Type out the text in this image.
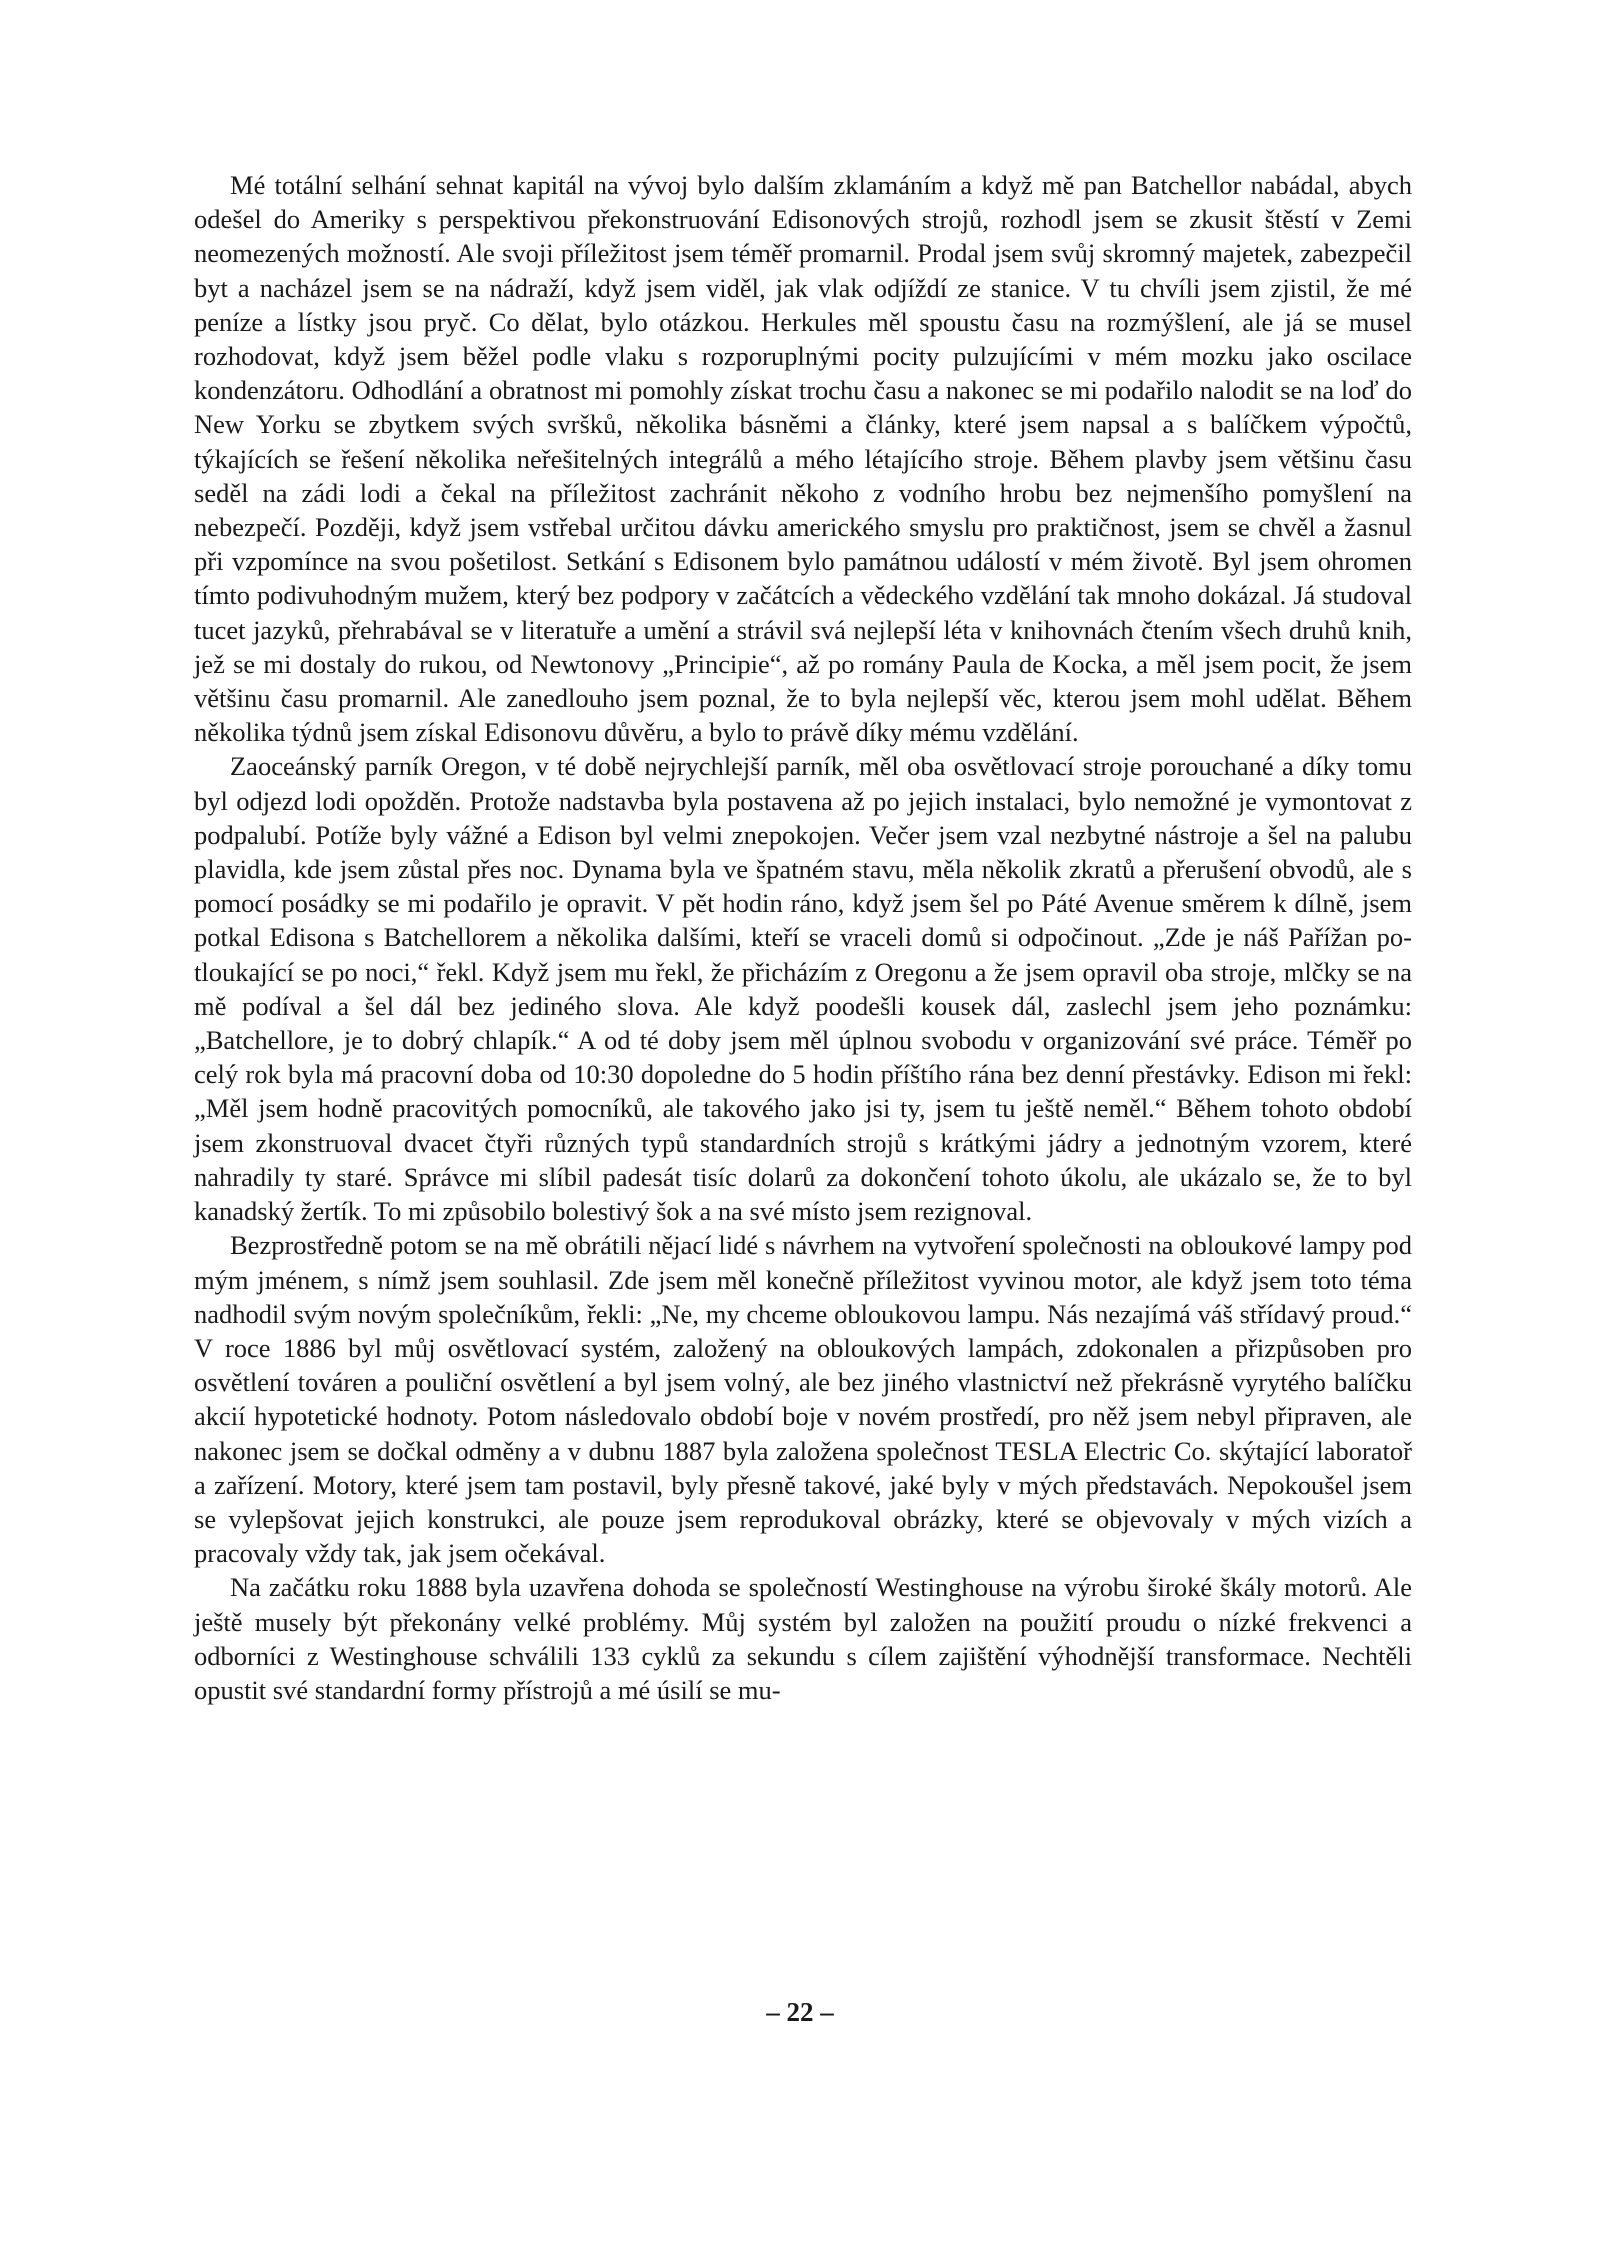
Mé totální selhání sehnat kapitál na vývoj bylo dalším zklamáním a když mě pan Batchellor nabádal, abych odešel do Ameriky s perspektivou překonstruování Edisonových strojů, rozhodl jsem se zkusit štěstí v Zemi neomezených možností. Ale svoji příležitost jsem téměř promarnil. Prodal jsem svůj skromný majetek, zabezpečil byt a nacházel jsem se na nádraží, když jsem viděl, jak vlak odjíždí ze stanice. V tu chvíli jsem zjistil, že mé peníze a lístky jsou pryč. Co dělat, bylo otázkou. Herkules měl spoustu času na rozmýšlení, ale já se musel rozhodovat, když jsem běžel podle vlaku s rozporuplnými pocity pulzujícími v mém mozku jako oscilace kondenzátoru. Odhodlání a obratnost mi pomohly získat trochu času a nakonec se mi podařilo nalodit se na loď do New Yorku se zbytkem svých svršků, několika básněmi a články, které jsem napsal a s balíčkem výpočtů, týkajících se řešení několika neřešitelných integrálů a mého létajícího stroje. Během plavby jsem většinu času seděl na zádi lodi a čekal na příležitost zachránit někoho z vodního hrobu bez nejmenšího pomyšlení na nebezpečí. Později, když jsem vstřebal určitou dávku amerického smyslu pro praktičnost, jsem se chvěl a žasnul při vzpomínce na svou pošetilost. Setkání s Edisonem bylo památnou událostí v mém životě. Byl jsem ohromen tímto podivuhodným mužem, který bez podpory v začátcích a vědeckého vzdělání tak mnoho dokázal. Já studoval tucet jazyků, přehrabával se v literatuře a umění a strávil svá nejlepší léta v knihovnách čtením všech druhů knih, jež se mi dostaly do rukou, od Newtonovy „Principie“, až po romány Paula de Kocka, a měl jsem pocit, že jsem většinu času promarnil. Ale zanedlouho jsem poznal, že to byla nejlepší věc, kterou jsem mohl udělat. Během několika týdnů jsem získal Edisonovu důvěru, a bylo to právě díky mému vzdělání.

Zaoceánský parník Oregon, v té době nejrychlejší parník, měl oba osvětlovací stroje porouchané a díky tomu byl odjezd lodi opožděn. Protože nadstavba byla postavena až po jejich instalaci, bylo nemožné je vymontovat z podpalubí. Potíže byly vážné a Edison byl velmi znepokojen. Večer jsem vzal nezbytné nástroje a šel na palubu plavidla, kde jsem zůstal přes noc. Dynama byla ve špatném stavu, měla několik zkratů a přerušení obvodů, ale s pomocí posádky se mi podařilo je opravit. V pět hodin ráno, když jsem šel po Páté Avenue směrem k dílně, jsem potkal Edisona s Batchellorem a několika dalšími, kteří se vraceli domů si odpočinout. „Zde je náš Pařížan potloukající se po noci,“ řekl. Když jsem mu řekl, že přicházím z Oregonu a že jsem opravil oba stroje, mlčky se na mě podíval a šel dál bez jediného slova. Ale když poodešli kousek dál, zaslechl jsem jeho poznámku: „Batchellore, je to dobrý chlapík.“ A od té doby jsem měl úplnou svobodu v organizování své práce. Téměř po celý rok byla má pracovní doba od 10:30 dopoledne do 5 hodin příštího rána bez denní přestávky. Edison mi řekl: „Měl jsem hodně pracovitých pomocníků, ale takového jako jsi ty, jsem tu ještě neměl.“ Během tohoto období jsem zkonstruoval dvacet čtyři různých typů standardních strojů s krátkými jádry a jednotným vzorem, které nahradily ty staré. Správce mi slíbil padesát tisíc dolarů za dokončení tohoto úkolu, ale ukázalo se, že to byl kanadský žertík. To mi způsobilo bolestivý šok a na své místo jsem rezignoval.

Bezprostředně potom se na mě obrátili nějací lidé s návrhem na vytvoření společnosti na obloukové lampy pod mým jménem, s nímž jsem souhlasil. Zde jsem měl konečně příležitost vyvinou motor, ale když jsem toto téma nadhodil svým novým společníkům, řekli: „Ne, my chceme obloukovou lampu. Nás nezajímá váš střídavý proud.“ V roce 1886 byl můj osvětlovací systém, založený na obloukových lampách, zdokonalen a přizpůsoben pro osvětlení továren a pouliční osvětlení a byl jsem volný, ale bez jiného vlastnictví než překrásně vyrytého balíčku akcií hypotetické hodnoty. Potom následovalo období boje v novém prostředí, pro něž jsem nebyl připraven, ale nakonec jsem se dočkal odměny a v dubnu 1887 byla založena společnost TESLA Electric Co. skýtající laboratoř a zařízení. Motory, které jsem tam postavil, byly přesně takové, jaké byly v mých představách. Nepokoušel jsem se vylepšovat jejich konstrukci, ale pouze jsem reprodukoval obrázky, které se objevovaly v mých vizích a pracovaly vždy tak, jak jsem očekával.

Na začátku roku 1888 byla uzavřena dohoda se společností Westinghouse na výrobu široké škály motorů. Ale ještě musely být překonány velké problémy. Můj systém byl založen na použití proudu o nízké frekvenci a odborníci z Westinghouse schválili 133 cyklů za sekundu s cílem zajištění výhodnější transformace. Nechtěli opustit své standardní formy přístrojů a mé úsilí se mu-

– 22 –
